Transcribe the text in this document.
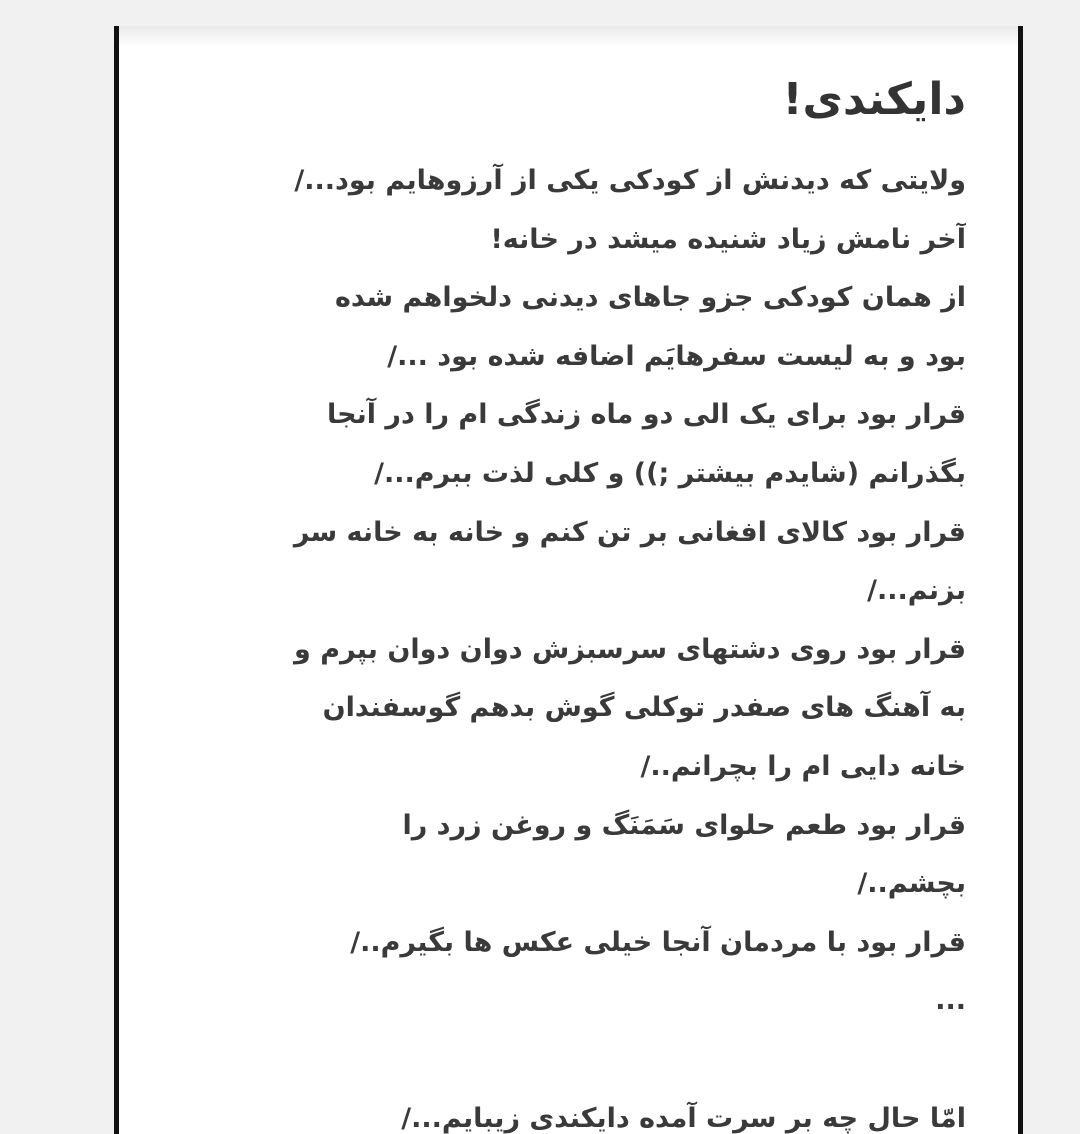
دایکندی!
ولایتی که دیدنش از کودکی یکی از آرزوهایم بود.../
آخر نامش زیاد شنیده میشد در خانه!
از همان کودکی جزو جاهای دیدنی دلخواهم شده
بود و به لیست سفرهایَم اضافه شده بود .../
قرار بود برای یک الی دو ماه زندگی ام را در آنجا
بگذرانم (شایدم بیشتر ;)) و کلی لذت ببرم.../
قرار بود کالای افغانی بر تن کنم و خانه به خانه سر
بزنم.../
قرار بود روی دشتهای سرسبزش دوان دوان بپرم و
به آهنگ های صفدر توکلی گوش بدهم گوسفندان
خانه دایی ام را بچرانم../
قرار بود طعم حلوای سَمَنَگ و روغن زرد را
بچشم../
قرار بود با مردمان آنجا خیلی عکس ها بگیرم../
...
امّا حال چه بر سرت آمده دایکندی زیبایم.../
